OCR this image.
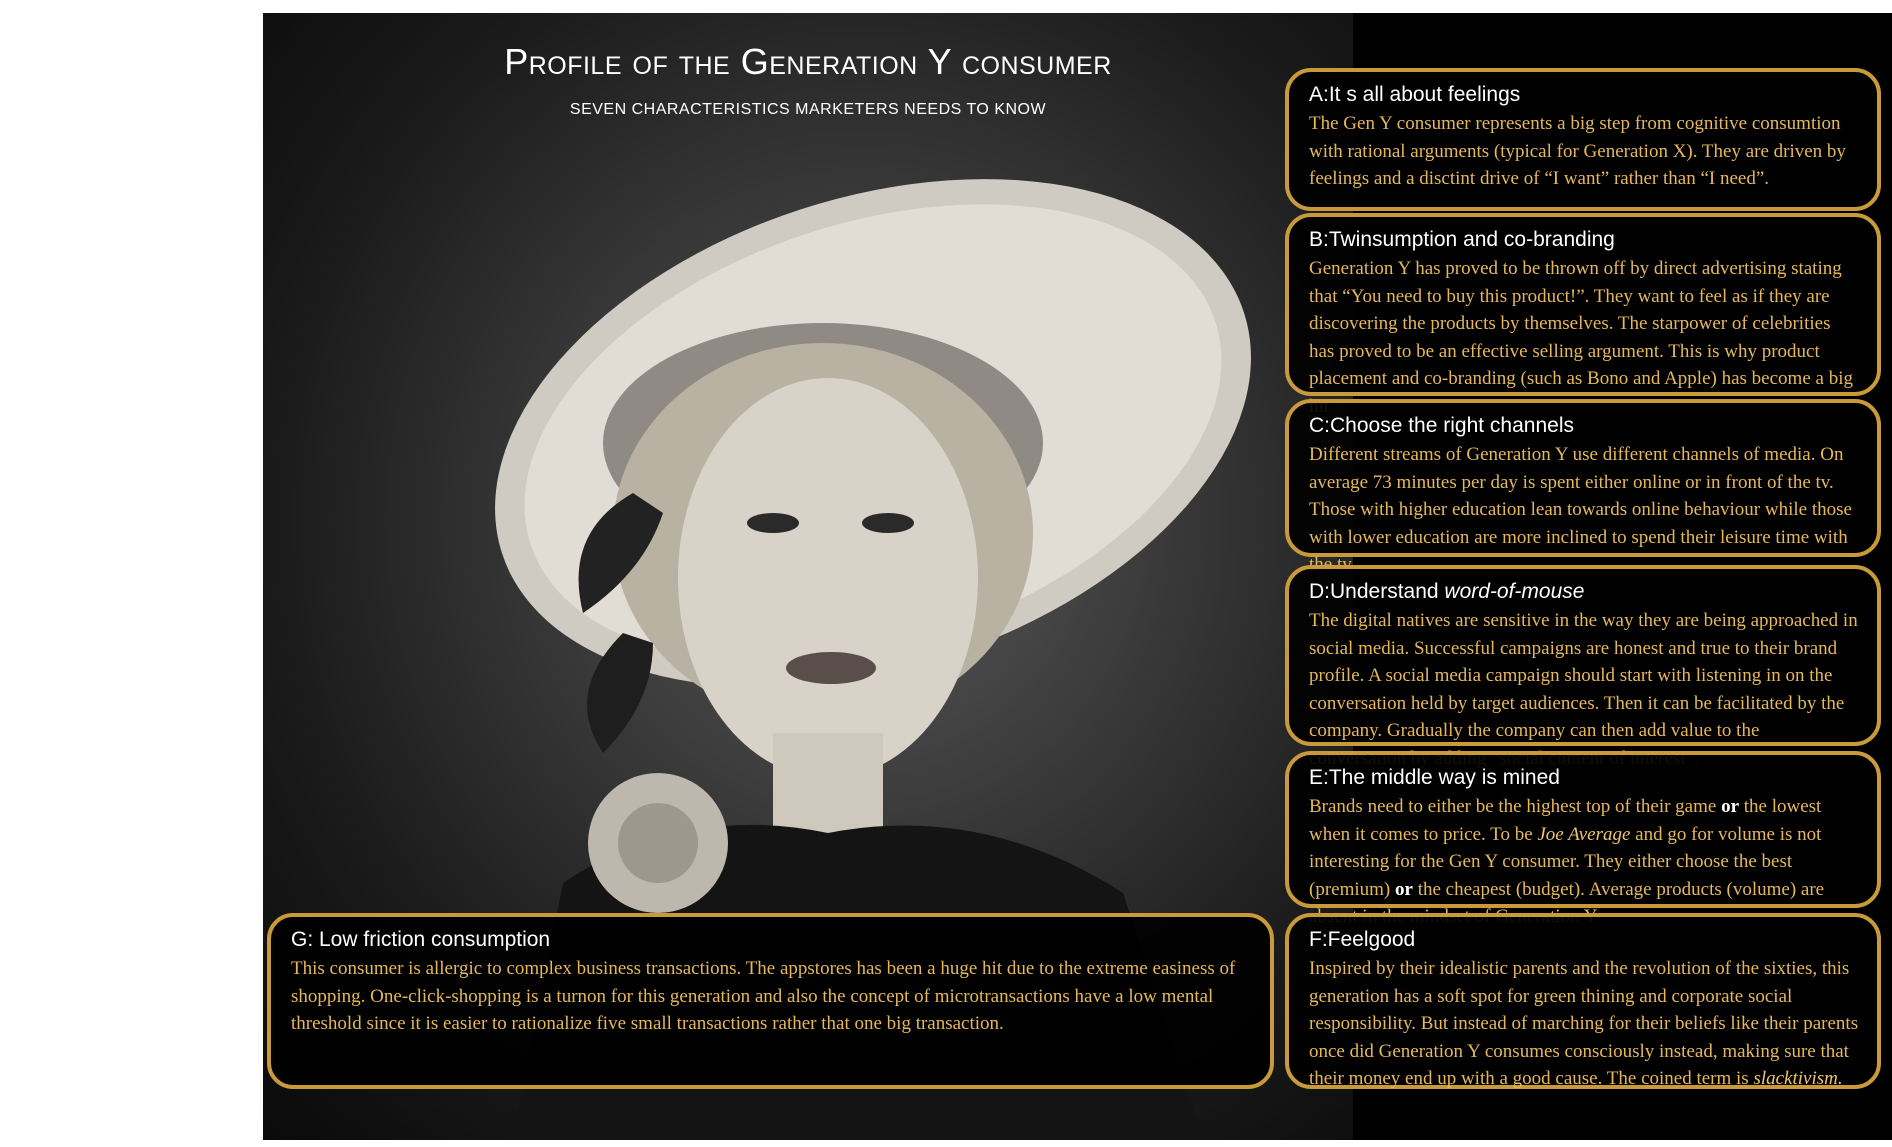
Profile of the Generation Y consumer
SEVEN CHARACTERISTICS MARKETERS NEEDS TO KNOW
A:It s all about feelings

The Gen Y consumer represents a big step from cognitive consumtion with rational arguments (typical for Generation X). They are driven by feelings and a disctint drive of “I want” rather than “I need”.

B:Twinsumption and co-branding

Generation Y has proved to be thrown off by direct advertising stating that “You need to buy this product!”. They want to feel as if they are discovering the products by themselves. The starpower of celebrities has proved to be an effective selling argument. This is why product placement and co-branding (such as Bono and Apple) has become a big

C:Choose the right channels

Different streams of Generation Y use different channels of media. On average 73 minutes per day is spent either online or in front of the tv. Those with higher education lean towards online behaviour while those with lower education are more inclined to spend their leisure time with

D:Understand word-of-mouse

The digital natives are sensitive in the way they are being approached in social media. Successful campaigns are honest and true to their brand profile. A social media campaign should start with listening in on the conversation held by target audiences. Then it can be facilitated by the company. Gradually the company can then add value to the

E:The middle way is mined

Brands need to either be the highest top of their game or the lowest when it comes to price. To be Joe Average and go for volume is not interesting for the Gen Y consumer. They either choose the best (premium) or the cheapest (budget). Average products (volume) are

F:Feelgood

Inspired by their idealistic parents and the revolution of the sixties, this generation has a soft spot for green thining and corporate social responsibility. But instead of marching for their beliefs like their parents once did Generation Y consumes consciously instead, making sure that their money end up with a good cause. The coined term is slacktivism.

G: Low friction consumption

This consumer is allergic to complex business transactions. The appstores has been a huge hit due to the extreme easiness of shopping. One-click-shopping is a turnon for this generation and also the concept of microtransactions have a low mental threshold since it is easier to rationalize five small transactions rather that one big transaction.
